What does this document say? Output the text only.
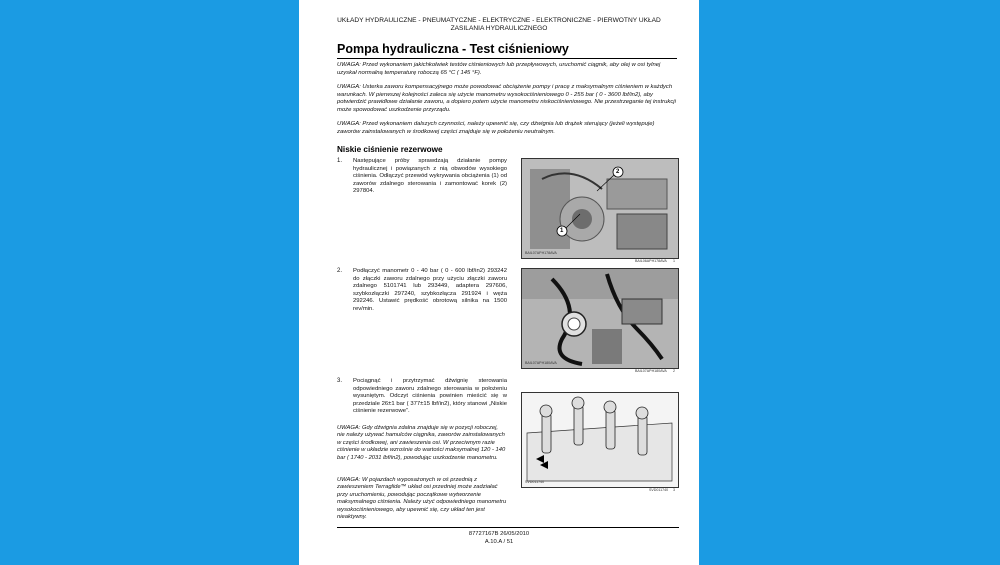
UKŁADY HYDRAULICZNE - PNEUMATYCZNE - ELEKTRYCZNE - ELEKTRONICZNE - PIERWOTNY UKŁAD
ZASILANIA HYDRAULICZNEGO
Pompa hydrauliczna - Test ciśnieniowy
UWAGA: Przed wykonaniem jakichkolwiek testów ciśnieniowych lub przepływowych, uruchomić ciągnik, aby olej w osi tylnej uzyskał normalną temperaturę roboczą 65 °C ( 145 °F).
UWAGA: Usterka zaworu kompensacyjnego może powodować obciążenie pompy i pracę z maksymalnym ciśnieniem w każdych warunkach. W pierwszej kolejności zaleca się użycie manometru wysokociśnieniowego 0 - 255 bar ( 0 - 3600 lbf/in2), aby potwierdzić prawidłowe działanie zaworu, a dopiero potem użycie manometru niskociśnieniowego. Nie przestrzeganie tej instrukcji może spowodować uszkodzenie przyrządu.
UWAGA: Przed wykonaniem dalszych czynności, należy upewnić się, czy dźwignia lub drążek sterujący (jeżeli występuje) zaworów zainstalowanych w środkowej części znajduje się w położeniu neutralnym.
Niskie ciśnienie rezerwowe
1. Następujące próby sprawdzają działanie pompy hydraulicznej i powiązanych z nią obwodów wysokiego ciśnienia. Odłączyć przewód wykrywania obciążenia (1) od zaworów zdalnego sterowania i zamontować korek (2) 297804.
1
2
BAIL07APH178AVA
BAIL06APH178AVA 1
2. Podłączyć manometr 0 - 40 bar ( 0 - 600 lbf/in2) 293242 do złączki zaworu zdalnego przy użyciu złączki zaworu zdalnego 5101741 lub 293449, adaptera 297606, szybkozłączki 297240, szybkozłącza 291924 i węża 292246. Ustawić prędkość obrotową silnika na 1500 rev/min.
BAIL07APH180AVA
BAIL07APH180AVA 2
3. Pociągnąć i przytrzymać dźwignię sterowania odpowiedniego zaworu zdalnego sterowania w położeniu wysuniętym. Odczyt ciśnienia powinien mieścić się w przedziale 26±1 bar ( 377±15 lbf/in2), który stanowi „Niskie ciśnienie rezerwowe”.
SVD011740
SVD011740 3
UWAGA: Gdy dźwignia zdalna znajduje się w pozycji roboczej, nie należy używać hamulców ciągnika, zaworów zainstalowanych w części środkowej, ani zawieszenia osi. W przeciwnym razie ciśnienie w układzie wzrośnie do wartości maksymalnej 120 - 140 bar ( 1740 - 2031 lbf/in2), powodując uszkodzenie manometru.
UWAGA: W pojazdach wyposażonych w oś przednią z zawieszeniem Terraglide™ układ osi przedniej może zadziałać przy uruchomieniu, powodując początkowe wytworzenie maksymalnego ciśnienia. Należy użyć odpowiedniego manometru wysokociśnieniowego, aby upewnić się, czy układ ten jest nieaktywny.
87727167B 26/05/2010
A.10.A / 51
